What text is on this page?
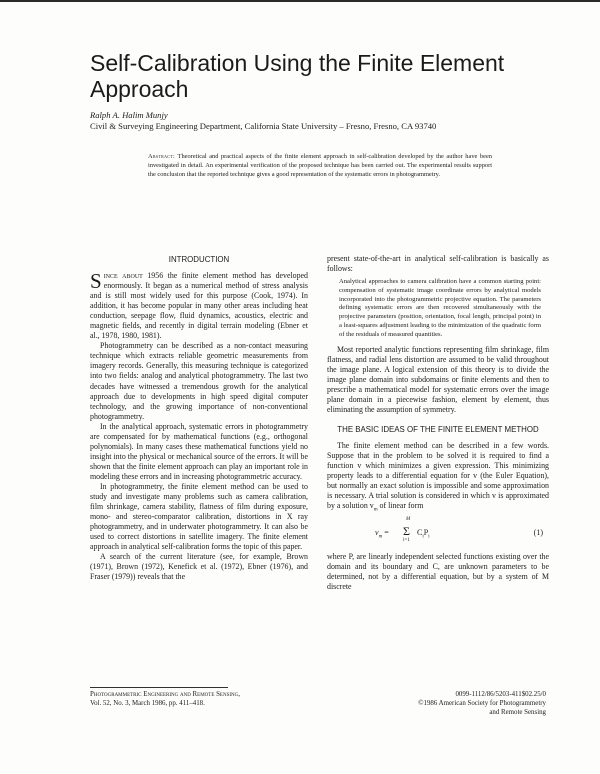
Self-Calibration Using the Finite Element Approach
Ralph A. Halim Munjy
Civil & Surveying Engineering Department, California State University – Fresno, Fresno, CA 93740
Abstract: Theoretical and practical aspects of the finite element approach in self-calibration developed by the author have been investigated in detail. An experimental verification of the proposed technique has been carried out. The experimental results support the conclusion that the reported technique gives a good representation of the systematic errors in photogrammetry.
INTRODUCTION

Since about 1956 the finite element method has developed enormously. It began as a numerical method of stress analysis and is still most widely used for this purpose (Cook, 1974). In addition, it has become popular in many other areas including heat conduction, seepage flow, fluid dynamics, acoustics, electric and magnetic fields, and recently in digital terrain modeling (Ebner et al., 1978, 1980, 1981).

Photogrammetry can be described as a non-contact measuring technique which extracts reliable geometric measurements from imagery records. Generally, this measuring technique is categorized into two fields: analog and analytical photogrammetry. The last two decades have witnessed a tremendous growth for the analytical approach due to developments in high speed digital computer technology, and the growing importance of non-conventional photogrammetry.

In the analytical approach, systematic errors in photogrammetry are compensated for by mathematical functions (e.g., orthogonal polynomials). In many cases these mathematical functions yield no insight into the physical or mechanical source of the errors. It will be shown that the finite element approach can play an important role in modeling these errors and in increasing photogrammetric accuracy.

In photogrammetry, the finite element method can be used to study and investigate many problems such as camera calibration, film shrinkage, camera stability, flatness of film during exposure, mono- and stereo-comparator calibration, distortions in X ray photogrammetry, and in underwater photogrammetry. It can also be used to correct distortions in satellite imagery. The finite element approach in analytical self-calibration forms the topic of this paper.

A search of the current literature (see, for example, Brown (1971), Brown (1972), Kenefick et al. (1972), Ebner (1976), and Fraser (1979)) reveals that the

present state-of-the-art in analytical self-calibration is basically as follows:

Analytical approaches to camera calibration have a common starting point: compensation of systematic image coordinate errors by analytical models incorporated into the photogrammetric projective equation. The parameters defining systematic errors are then recovered simultaneously with the projective parameters (position, orientation, focal length, principal point) in a least-squares adjustment leading to the minimization of the quadratic form of the residuals of measured quantities.

Most reported analytic functions representing film shrinkage, film flatness, and radial lens distortion are assumed to be valid throughout the image plane. A logical extension of this theory is to divide the image plane domain into subdomains or finite elements and then to prescribe a mathematical model for systematic errors over the image plane domain in a piecewise fashion, element by element, thus eliminating the assumption of symmetry.

THE BASIC IDEAS OF THE FINITE ELEMENT METHOD

The finite element method can be described in a few words. Suppose that in the problem to be solved it is required to find a function v which minimizes a given expression. This minimizing property leads to a differential equation for v (the Euler Equation), but normally an exact solution is impossible and some approximation is necessary. A trial solution is considered in which v is approximated by a solution $v_m$ of linear form

$v_m$ =
M
Σ
i=1
$C_iP_i$
(1)

where P, are linearly independent selected functions existing over the domain and its boundary and C, are unknown parameters to be determined, not by a differential equation, but by a system of M discrete

Photogrammetric Engineering and Remote Sensing,
Vol. 52, No. 3, March 1986, pp. 411–418.
0099-1112/86/5203-411$02.25/0
©1986 American Society for Photogrammetry
and Remote Sensing
